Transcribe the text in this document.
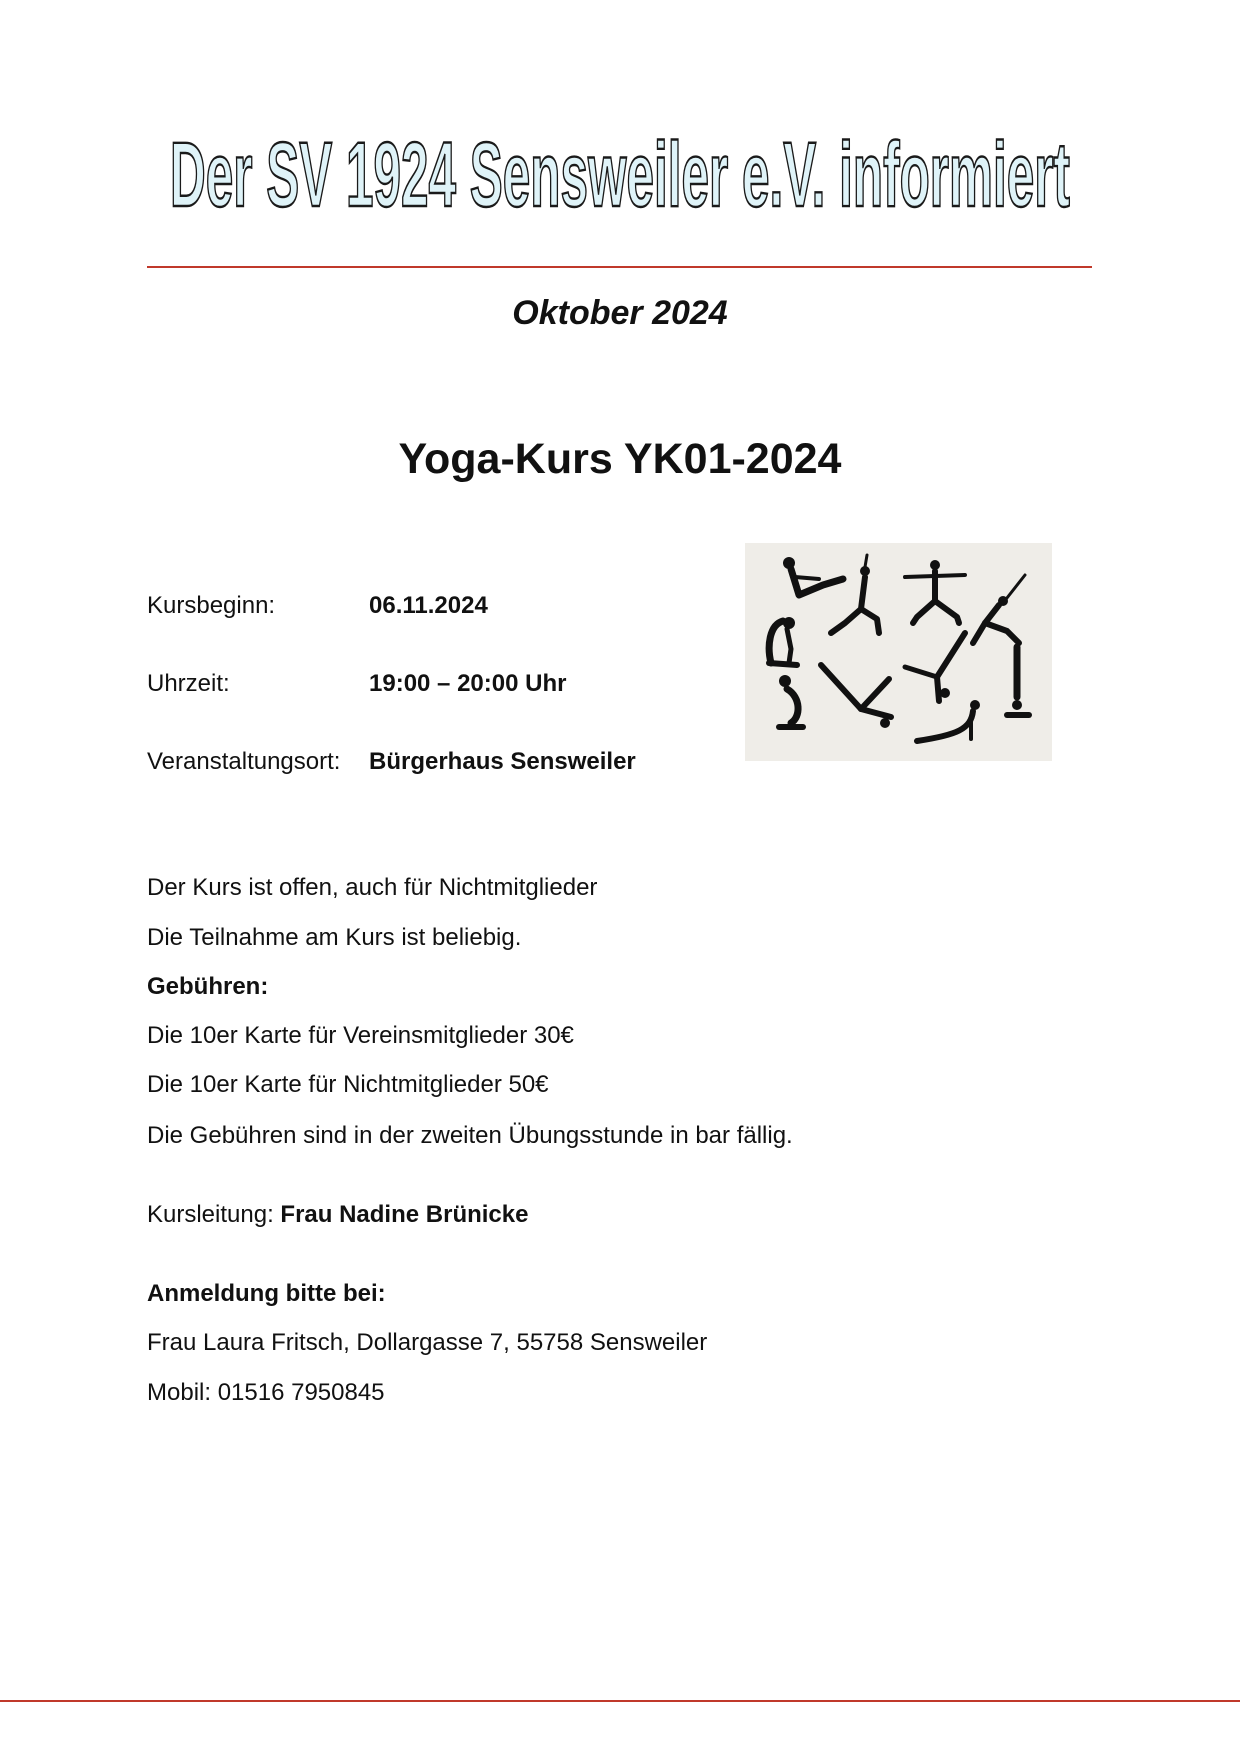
Der SV 1924 Sensweiler e.V. informiert
Oktober 2024
Yoga-Kurs YK01-2024
Kursbeginn:	06.11.2024
Uhrzeit:	19:00 – 20:00 Uhr
Veranstaltungsort: Bürgerhaus Sensweiler
Der Kurs ist offen, auch für Nichtmitglieder
Die Teilnahme am Kurs ist beliebig.
Gebühren:
Die 10er Karte für Vereinsmitglieder 30€
Die 10er Karte für Nichtmitglieder 50€
Die Gebühren sind in der zweiten Übungsstunde in bar fällig.
Kursleitung: Frau Nadine Brünicke
Anmeldung bitte bei:
Frau Laura Fritsch, Dollargasse 7, 55758 Sensweiler
Mobil: 01516 7950845
